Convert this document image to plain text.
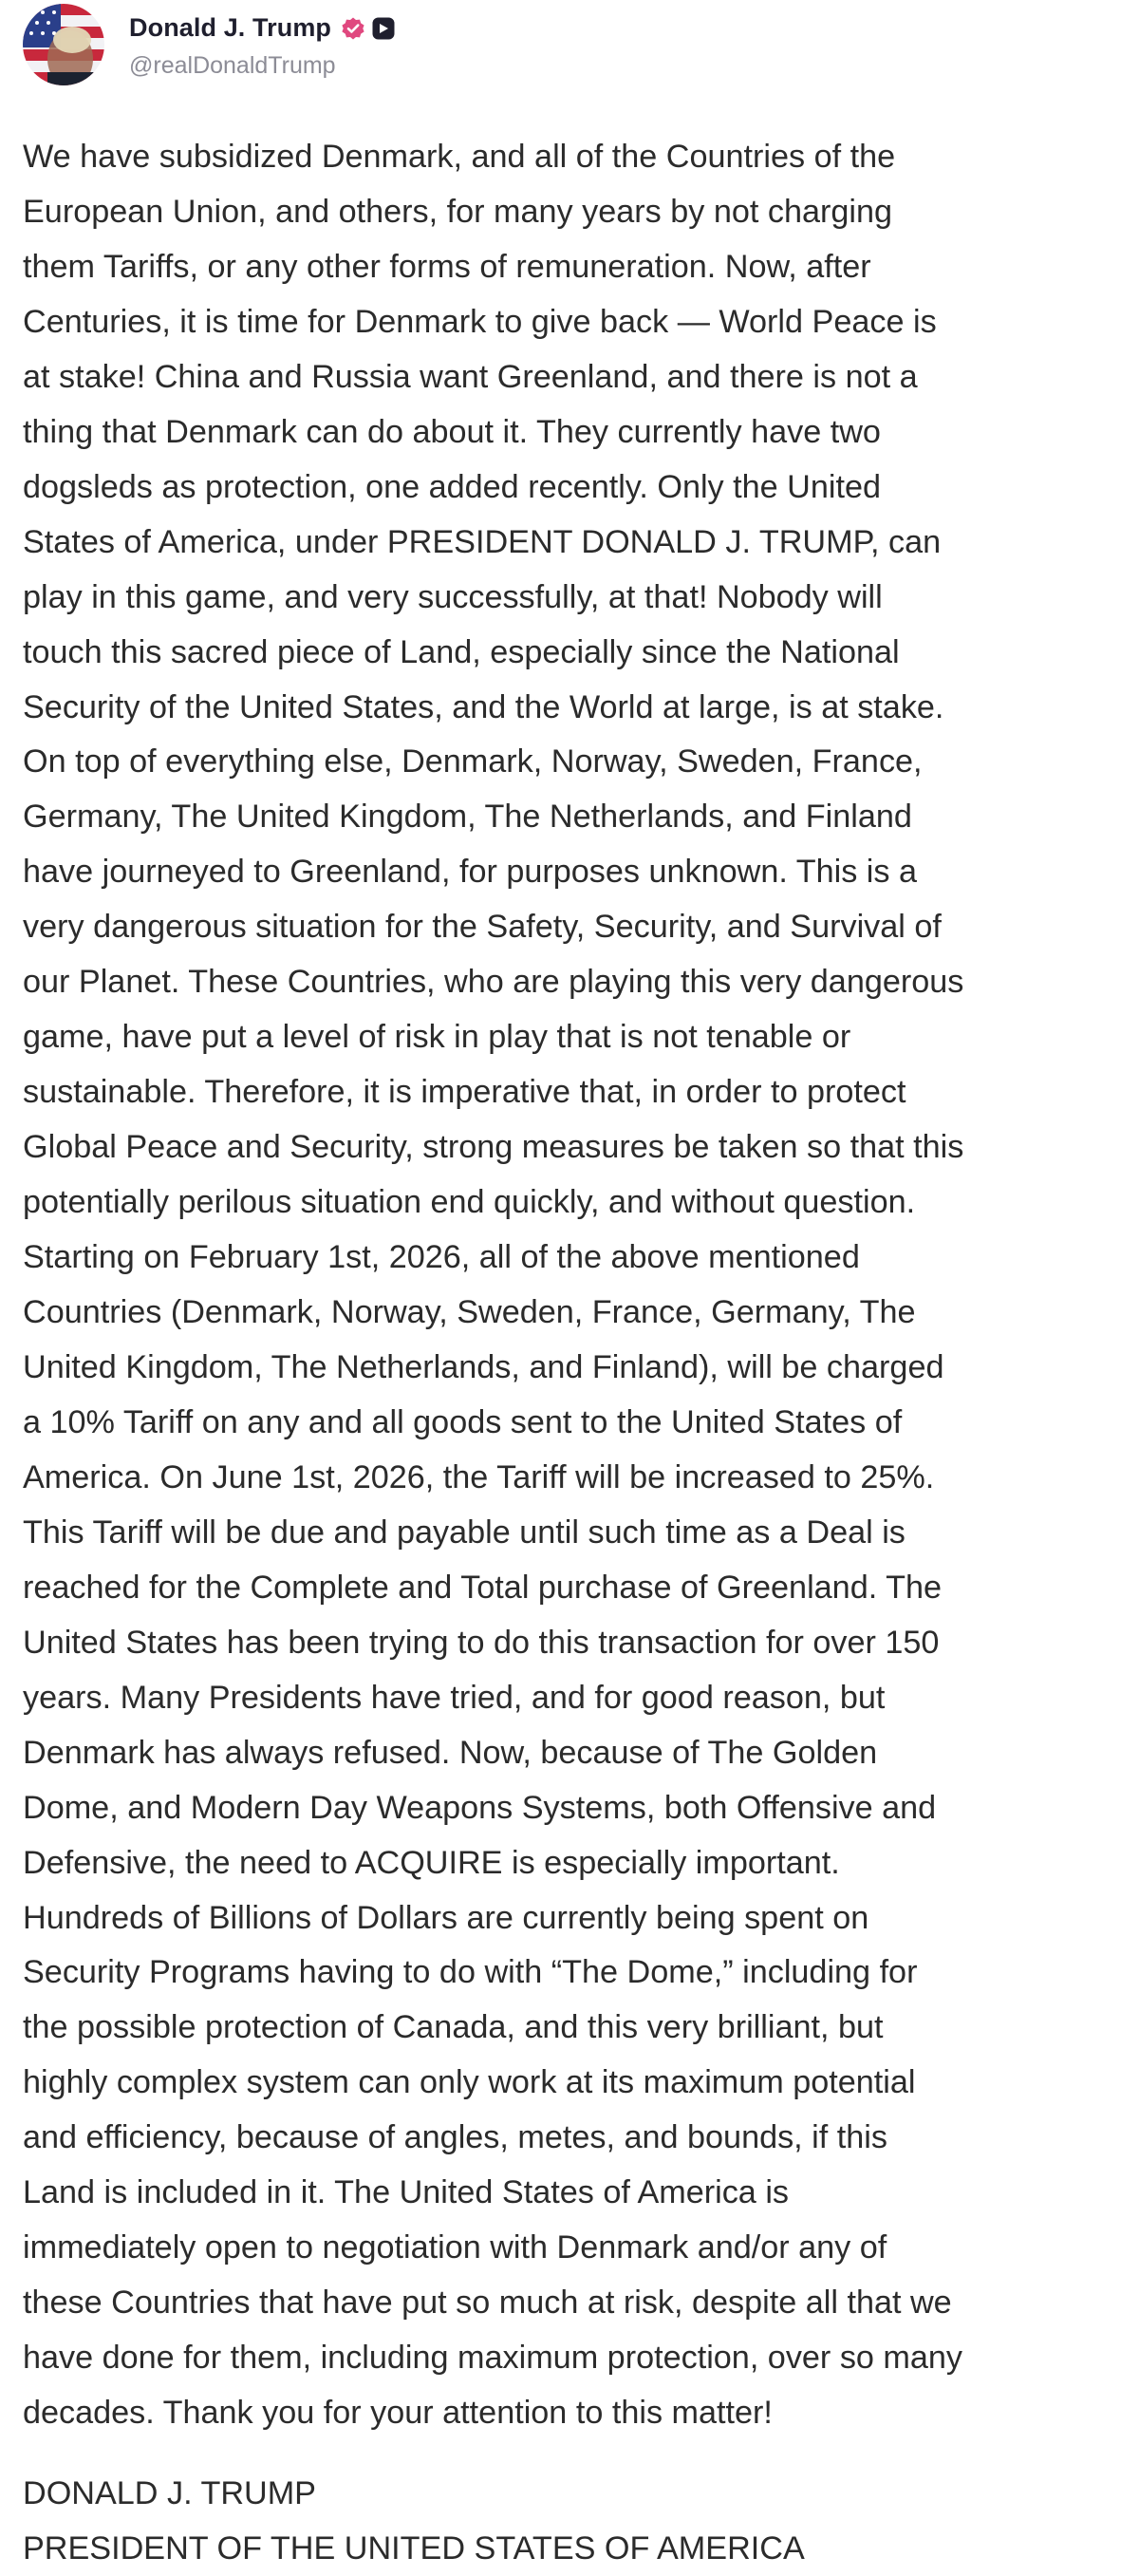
Donald J. Trump
@realDonaldTrump
We have subsidized Denmark, and all of the Countries of the
European Union, and others, for many years by not charging
them Tariffs, or any other forms of remuneration. Now, after
Centuries, it is time for Denmark to give back — World Peace is
at stake! China and Russia want Greenland, and there is not a
thing that Denmark can do about it. They currently have two
dogsleds as protection, one added recently. Only the United
States of America, under PRESIDENT DONALD J. TRUMP, can
play in this game, and very successfully, at that! Nobody will
touch this sacred piece of Land, especially since the National
Security of the United States, and the World at large, is at stake.
On top of everything else, Denmark, Norway, Sweden, France,
Germany, The United Kingdom, The Netherlands, and Finland
have journeyed to Greenland, for purposes unknown. This is a
very dangerous situation for the Safety, Security, and Survival of
our Planet. These Countries, who are playing this very dangerous
game, have put a level of risk in play that is not tenable or
sustainable. Therefore, it is imperative that, in order to protect
Global Peace and Security, strong measures be taken so that this
potentially perilous situation end quickly, and without question.
Starting on February 1st, 2026, all of the above mentioned
Countries (Denmark, Norway, Sweden, France, Germany, The
United Kingdom, The Netherlands, and Finland), will be charged
a 10% Tariff on any and all goods sent to the United States of
America. On June 1st, 2026, the Tariff will be increased to 25%.
This Tariff will be due and payable until such time as a Deal is
reached for the Complete and Total purchase of Greenland. The
United States has been trying to do this transaction for over 150
years. Many Presidents have tried, and for good reason, but
Denmark has always refused. Now, because of The Golden
Dome, and Modern Day Weapons Systems, both Offensive and
Defensive, the need to ACQUIRE is especially important.
Hundreds of Billions of Dollars are currently being spent on
Security Programs having to do with “The Dome,” including for
the possible protection of Canada, and this very brilliant, but
highly complex system can only work at its maximum potential
and efficiency, because of angles, metes, and bounds, if this
Land is included in it. The United States of America is
immediately open to negotiation with Denmark and/or any of
these Countries that have put so much at risk, despite all that we
have done for them, including maximum protection, over so many
decades. Thank you for your attention to this matter!
DONALD J. TRUMP
PRESIDENT OF THE UNITED STATES OF AMERICA
